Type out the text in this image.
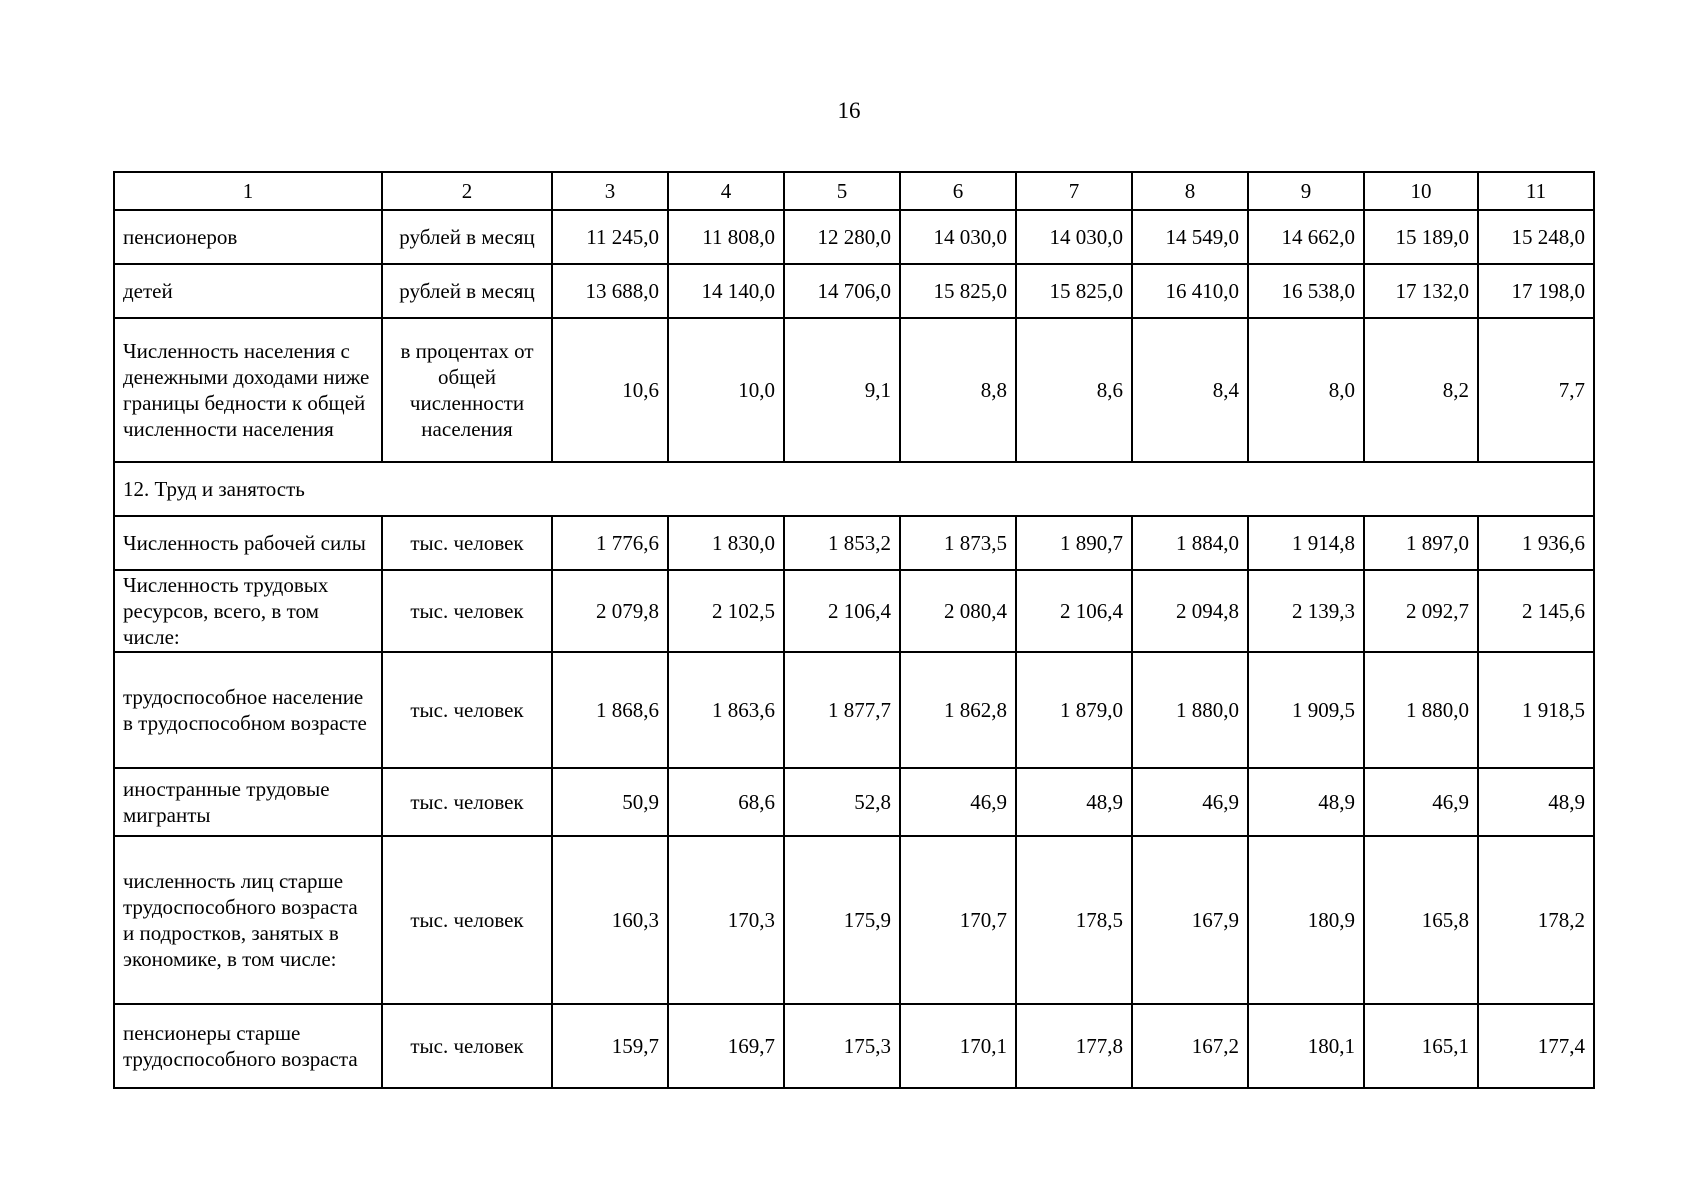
16
1	2	3	4	5	6	7	8	9	10	11
пенсионеров	рублей в месяц	11 245,0	11 808,0	12 280,0	14 030,0	14 030,0	14 549,0	14 662,0	15 189,0	15 248,0
детей	рублей в месяц	13 688,0	14 140,0	14 706,0	15 825,0	15 825,0	16 410,0	16 538,0	17 132,0	17 198,0
Численность населения с денежными доходами ниже границы бедности к общей численности населения	в процентах от общей численности населения	10,6	10,0	9,1	8,8	8,6	8,4	8,0	8,2	7,7
12. Труд и занятость										
Численность рабочей силы	тыс. человек	1 776,6	1 830,0	1 853,2	1 873,5	1 890,7	1 884,0	1 914,8	1 897,0	1 936,6
Численность трудовых ресурсов, всего, в том числе:	тыс. человек	2 079,8	2 102,5	2 106,4	2 080,4	2 106,4	2 094,8	2 139,3	2 092,7	2 145,6
трудоспособное население в трудоспособном возрасте	тыс. человек	1 868,6	1 863,6	1 877,7	1 862,8	1 879,0	1 880,0	1 909,5	1 880,0	1 918,5
иностранные трудовые мигранты	тыс. человек	50,9	68,6	52,8	46,9	48,9	46,9	48,9	46,9	48,9
численность лиц старше трудоспособного возраста и подростков, занятых в экономике, в том числе:	тыс. человек	160,3	170,3	175,9	170,7	178,5	167,9	180,9	165,8	178,2
пенсионеры старше трудоспособного возраста	тыс. человек	159,7	169,7	175,3	170,1	177,8	167,2	180,1	165,1	177,4
